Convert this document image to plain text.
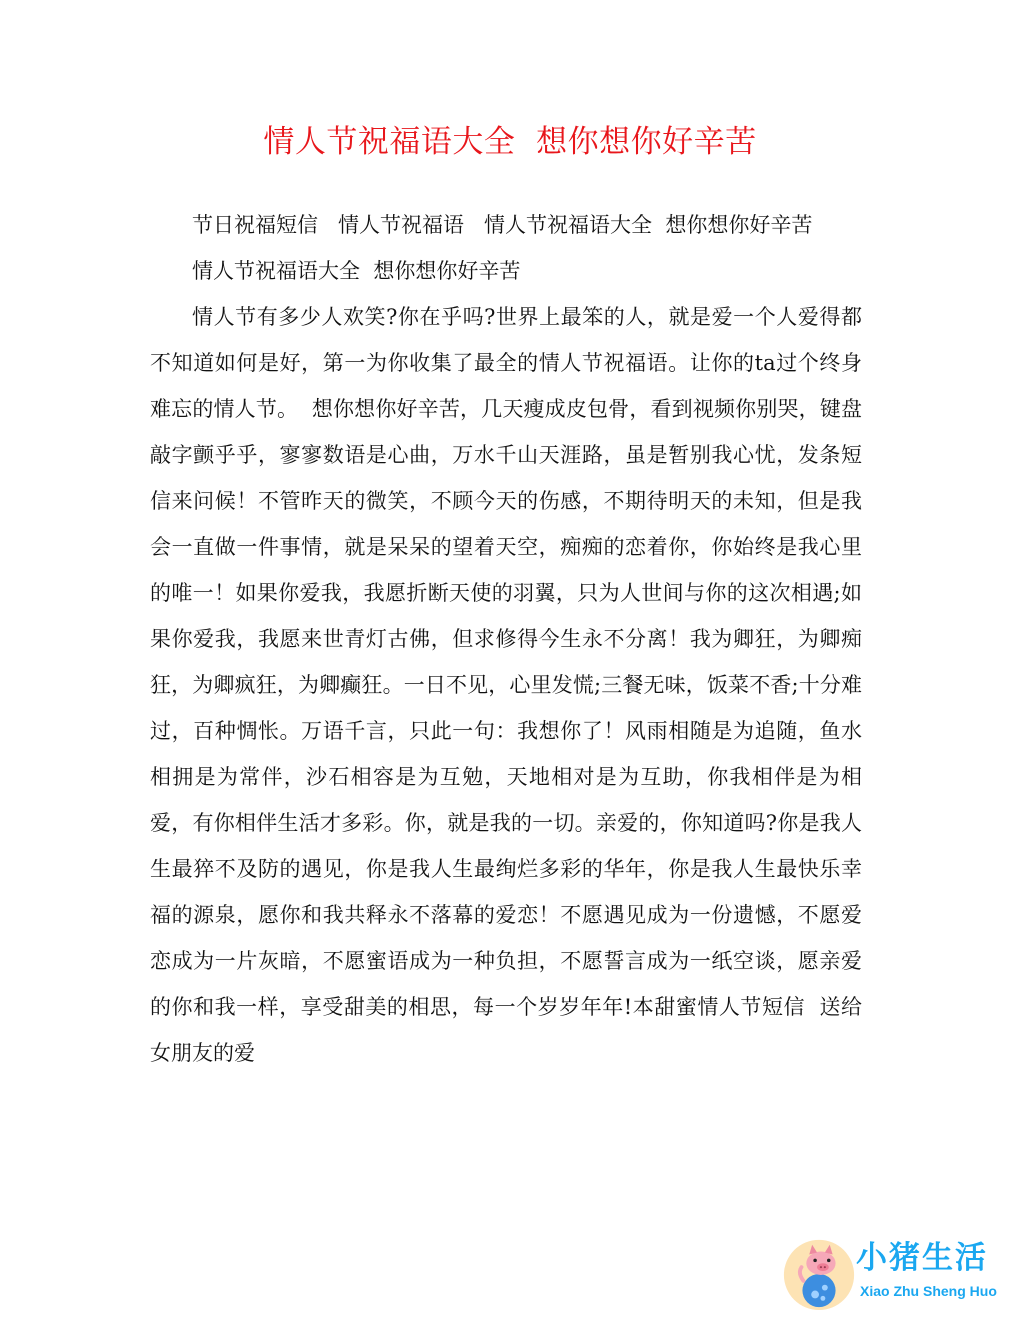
情人节祝福语大全  想你想你好辛苦

节日祝福短信   情人节祝福语   情人节祝福语大全  想你想你好辛苦

情人节祝福语大全  想你想你好辛苦

情人节有多少人欢笑?你在乎吗?世界上最笨的人，就是爱一个人爱得都不知道如何是好，第一为你收集了最全的情人节祝福语。让你的ta过个终身难忘的情人节。  想你想你好辛苦，几天瘦成皮包骨，看到视频你别哭，键盘敲字颤乎乎，寥寥数语是心曲，万水千山天涯路，虽是暂别我心忧，发条短信来问候！不管昨天的微笑，不顾今天的伤感，不期待明天的未知，但是我会一直做一件事情，就是呆呆的望着天空，痴痴的恋着你，你始终是我心里的唯一！如果你爱我，我愿折断天使的羽翼，只为人世间与你的这次相遇;如果你爱我，我愿来世青灯古佛，但求修得今生永不分离！我为卿狂，为卿痴狂，为卿疯狂，为卿癫狂。一日不见，心里发慌;三餐无味，饭菜不香;十分难过，百种惆怅。万语千言，只此一句：我想你了！风雨相随是为追随，鱼水相拥是为常伴，沙石相容是为互勉，天地相对是为互助，你我相伴是为相爱，有你相伴生活才多彩。你，就是我的一切。亲爱的，你知道吗?你是我人生最猝不及防的遇见，你是我人生最绚烂多彩的华年，你是我人生最快乐幸福的源泉，愿你和我共释永不落幕的爱恋！不愿遇见成为一份遗憾，不愿爱恋成为一片灰暗，不愿蜜语成为一种负担，不愿誓言成为一纸空谈，愿亲爱的你和我一样，享受甜美的相思，每一个岁岁年年!本甜蜜情人节短信  送给女朋友的爱

小猪生活
Xiao Zhu Sheng Huo
